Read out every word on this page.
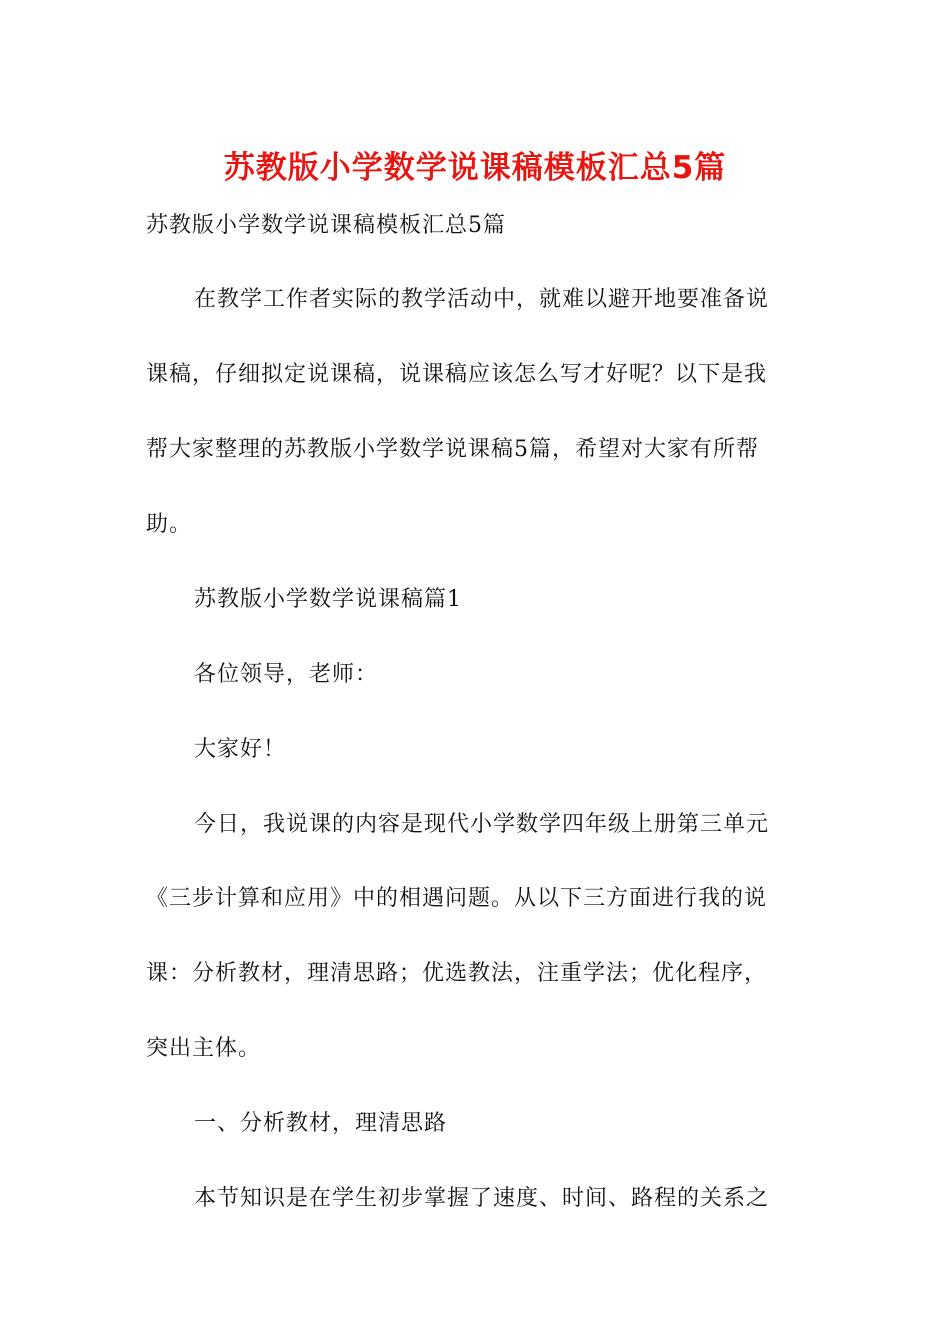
苏教版小学数学说课稿模板汇总5篇

苏教版小学数学说课稿模板汇总5篇

在教学工作者实际的教学活动中，就难以避开地要准备说

课稿，仔细拟定说课稿，说课稿应该怎么写才好呢？以下是我

帮大家整理的苏教版小学数学说课稿5篇，希望对大家有所帮

助。

苏教版小学数学说课稿篇1

各位领导，老师：

大家好！

今日，我说课的内容是现代小学数学四年级上册第三单元

《三步计算和应用》中的相遇问题。从以下三方面进行我的说

课：分析教材，理清思路；优选教法，注重学法；优化程序，

突出主体。

一、分析教材，理清思路

本节知识是在学生初步掌握了速度、时间、路程的关系之
